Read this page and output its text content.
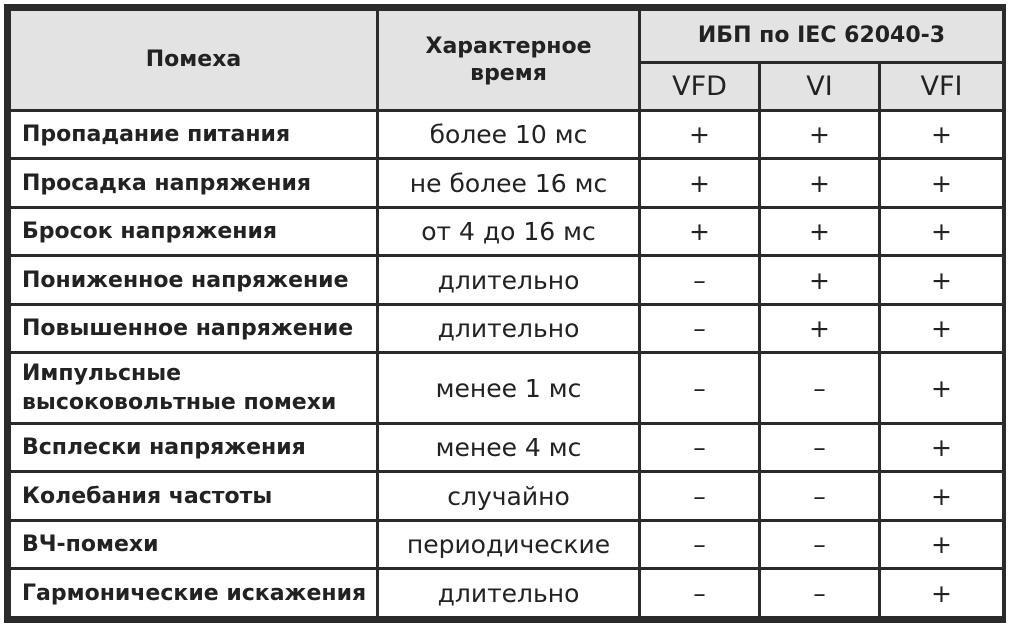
Помеха	Характерное время	ИБП по IEC 62040-3		
		VFD	VI	VFI
Пропадание питания	более 10 мс	+	+	+
Просадка напряжения	не более 16 мс	+	+	+
Бросок напряжения	от 4 до 16 мс	+	+	+
Пониженное напряжение	длительно	–	+	+
Повышенное напряжение	длительно	–	+	+
Импульсные высоковольтные помехи	менее 1 мс	–	–	+
Всплески напряжения	менее 4 мс	–	–	+
Колебания частоты	случайно	–	–	+
ВЧ-помехи	периодические	–	–	+
Гармонические искажения	длительно	–	–	+
